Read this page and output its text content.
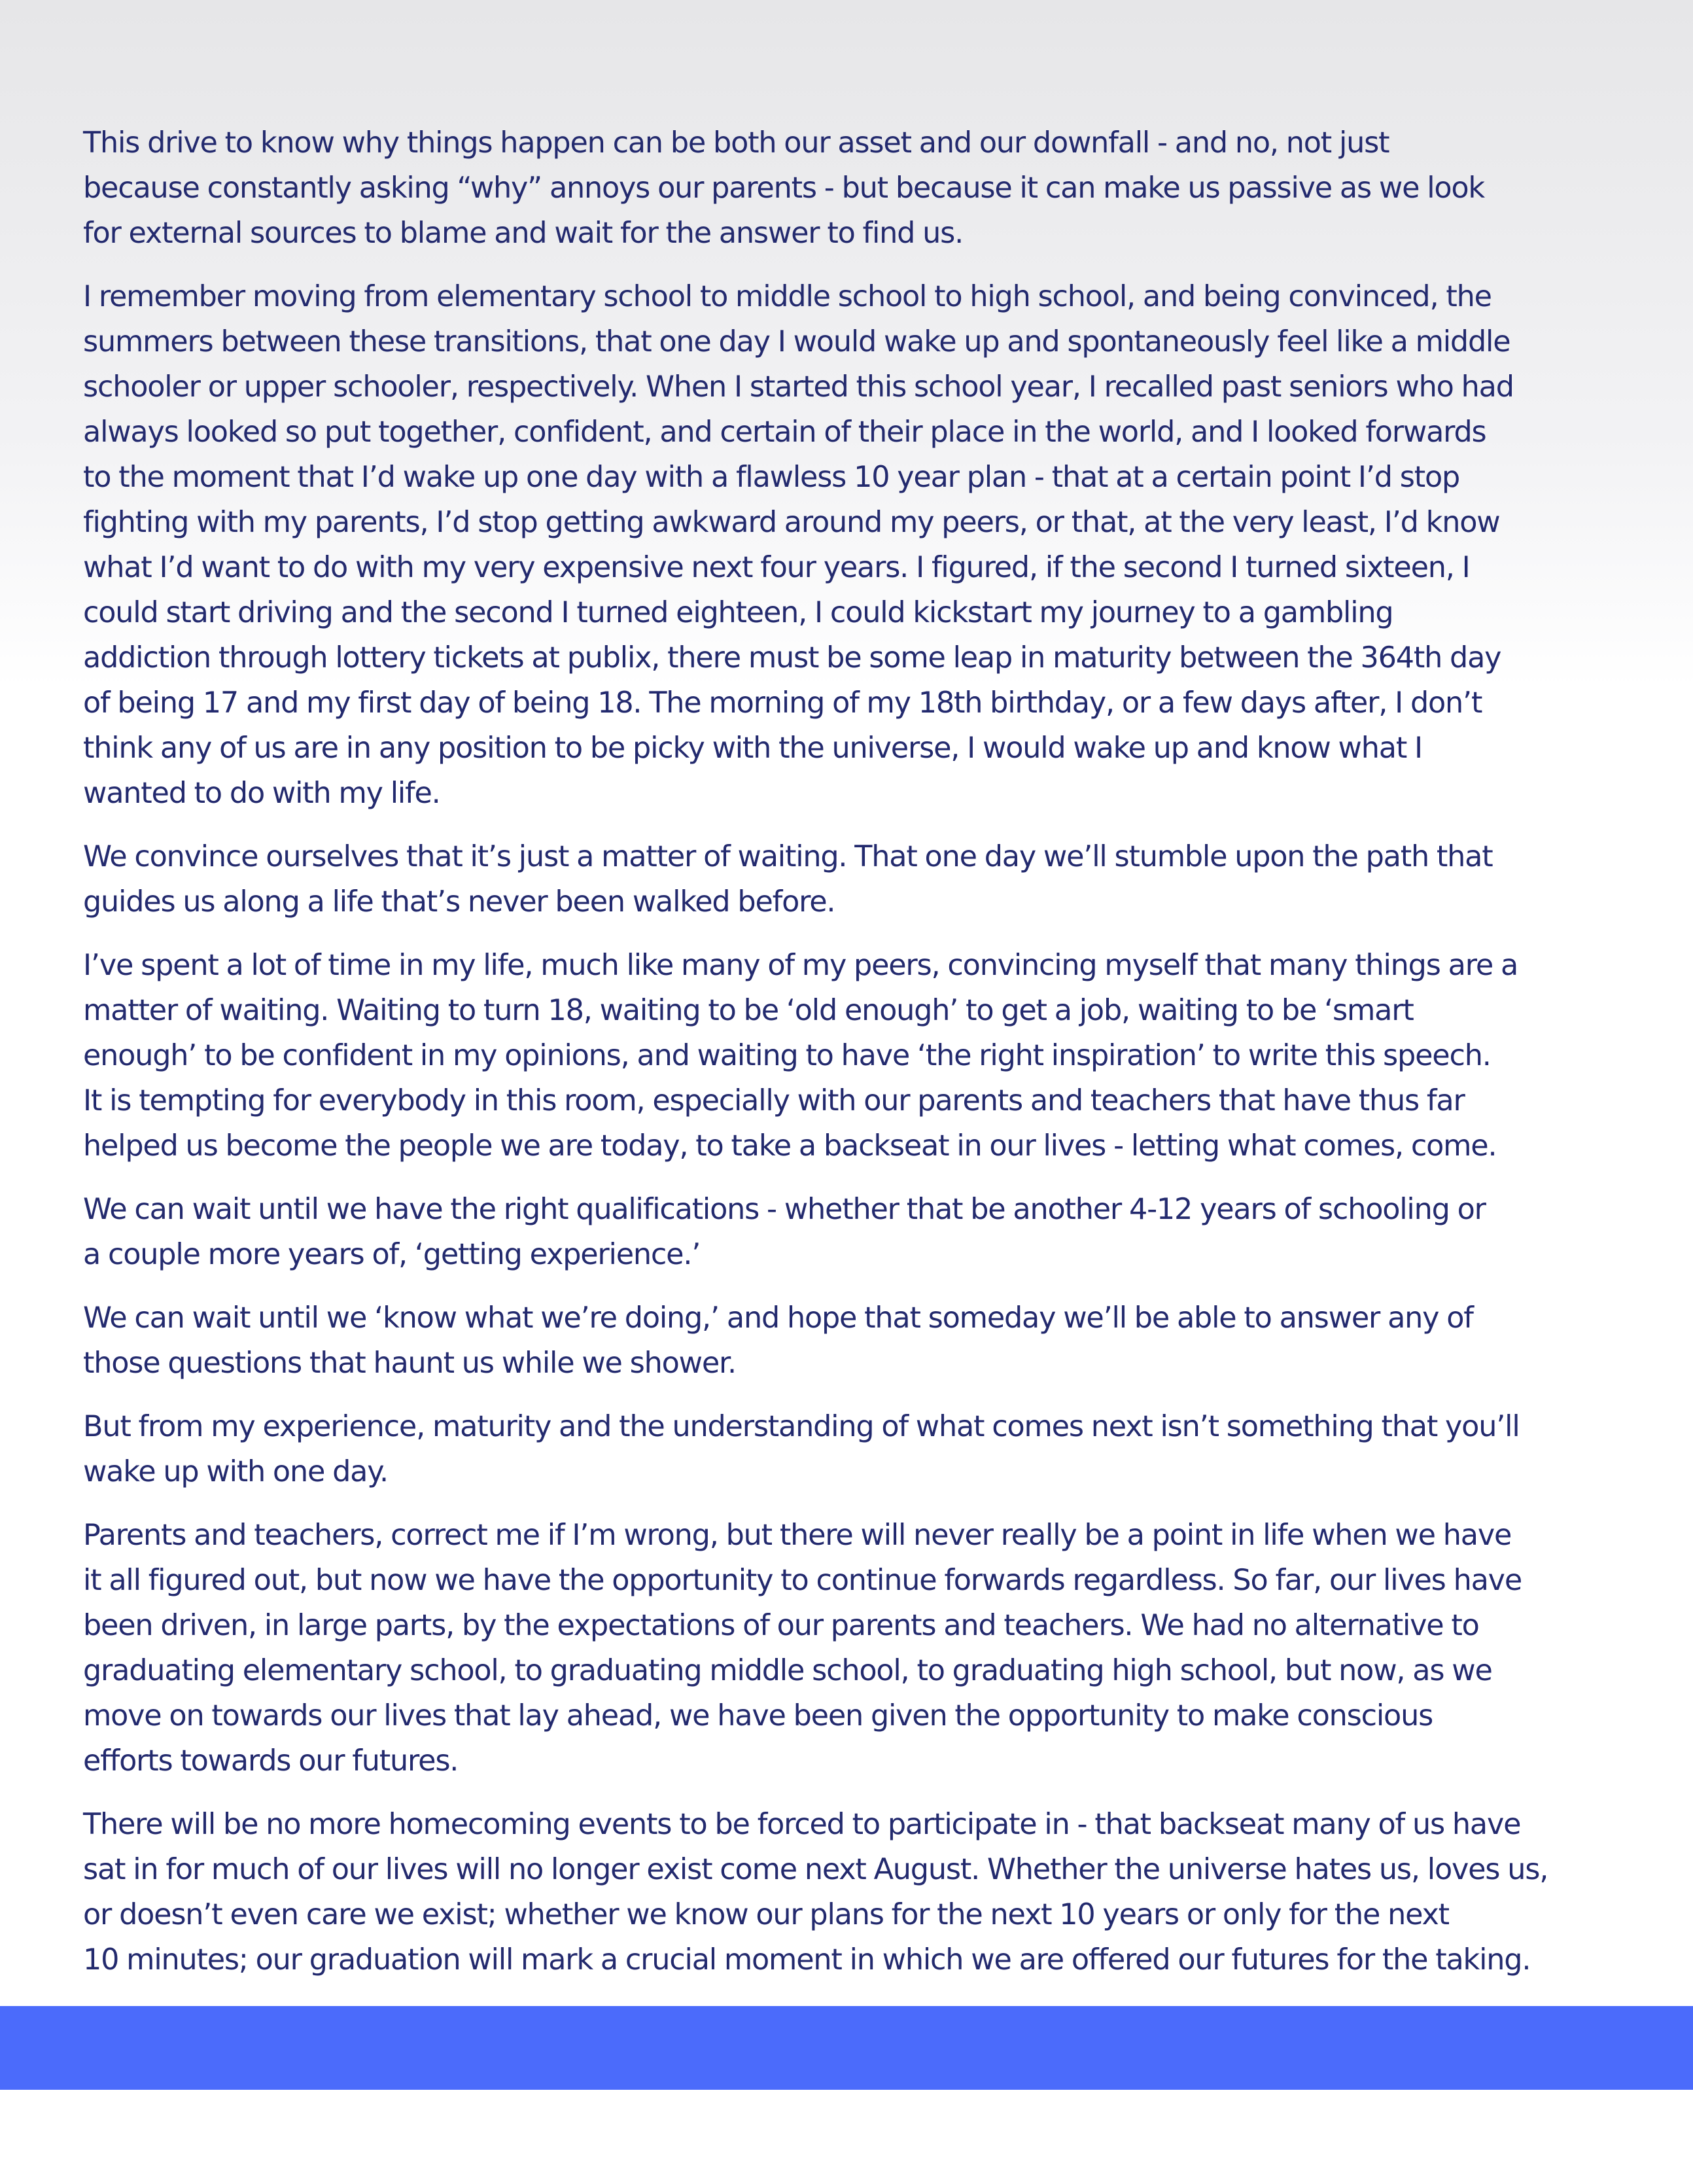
This drive to know why things happen can be both our asset and our downfall - and no, not just
because constantly asking “why” annoys our parents - but because it can make us passive as we look
for external sources to blame and wait for the answer to find us.

I remember moving from elementary school to middle school to high school, and being convinced, the
summers between these transitions, that one day I would wake up and spontaneously feel like a middle
schooler or upper schooler, respectively. When I started this school year, I recalled past seniors who had
always looked so put together, confident, and certain of their place in the world, and I looked forwards
to the moment that I’d wake up one day with a flawless 10 year plan - that at a certain point I’d stop
fighting with my parents, I’d stop getting awkward around my peers, or that, at the very least, I’d know
what I’d want to do with my very expensive next four years. I figured, if the second I turned sixteen, I
could start driving and the second I turned eighteen, I could kickstart my journey to a gambling
addiction through lottery tickets at publix, there must be some leap in maturity between the 364th day
of being 17 and my first day of being 18. The morning of my 18th birthday, or a few days after, I don’t
think any of us are in any position to be picky with the universe, I would wake up and know what I
wanted to do with my life.

We convince ourselves that it’s just a matter of waiting. That one day we’ll stumble upon the path that
guides us along a life that’s never been walked before.

I’ve spent a lot of time in my life, much like many of my peers, convincing myself that many things are a
matter of waiting. Waiting to turn 18, waiting to be ‘old enough’ to get a job, waiting to be ‘smart
enough’ to be confident in my opinions, and waiting to have ‘the right inspiration’ to write this speech.
It is tempting for everybody in this room, especially with our parents and teachers that have thus far
helped us become the people we are today, to take a backseat in our lives - letting what comes, come.

We can wait until we have the right qualifications - whether that be another 4-12 years of schooling or
a couple more years of, ‘getting experience.’

We can wait until we ‘know what we’re doing,’ and hope that someday we’ll be able to answer any of
those questions that haunt us while we shower.

But from my experience, maturity and the understanding of what comes next isn’t something that you’ll
wake up with one day.

Parents and teachers, correct me if I’m wrong, but there will never really be a point in life when we have
it all figured out, but now we have the opportunity to continue forwards regardless. So far, our lives have
been driven, in large parts, by the expectations of our parents and teachers. We had no alternative to
graduating elementary school, to graduating middle school, to graduating high school, but now, as we
move on towards our lives that lay ahead, we have been given the opportunity to make conscious
efforts towards our futures.

There will be no more homecoming events to be forced to participate in - that backseat many of us have
sat in for much of our lives will no longer exist come next August. Whether the universe hates us, loves us,
or doesn’t even care we exist; whether we know our plans for the next 10 years or only for the next
10 minutes; our graduation will mark a crucial moment in which we are offered our futures for the taking.
